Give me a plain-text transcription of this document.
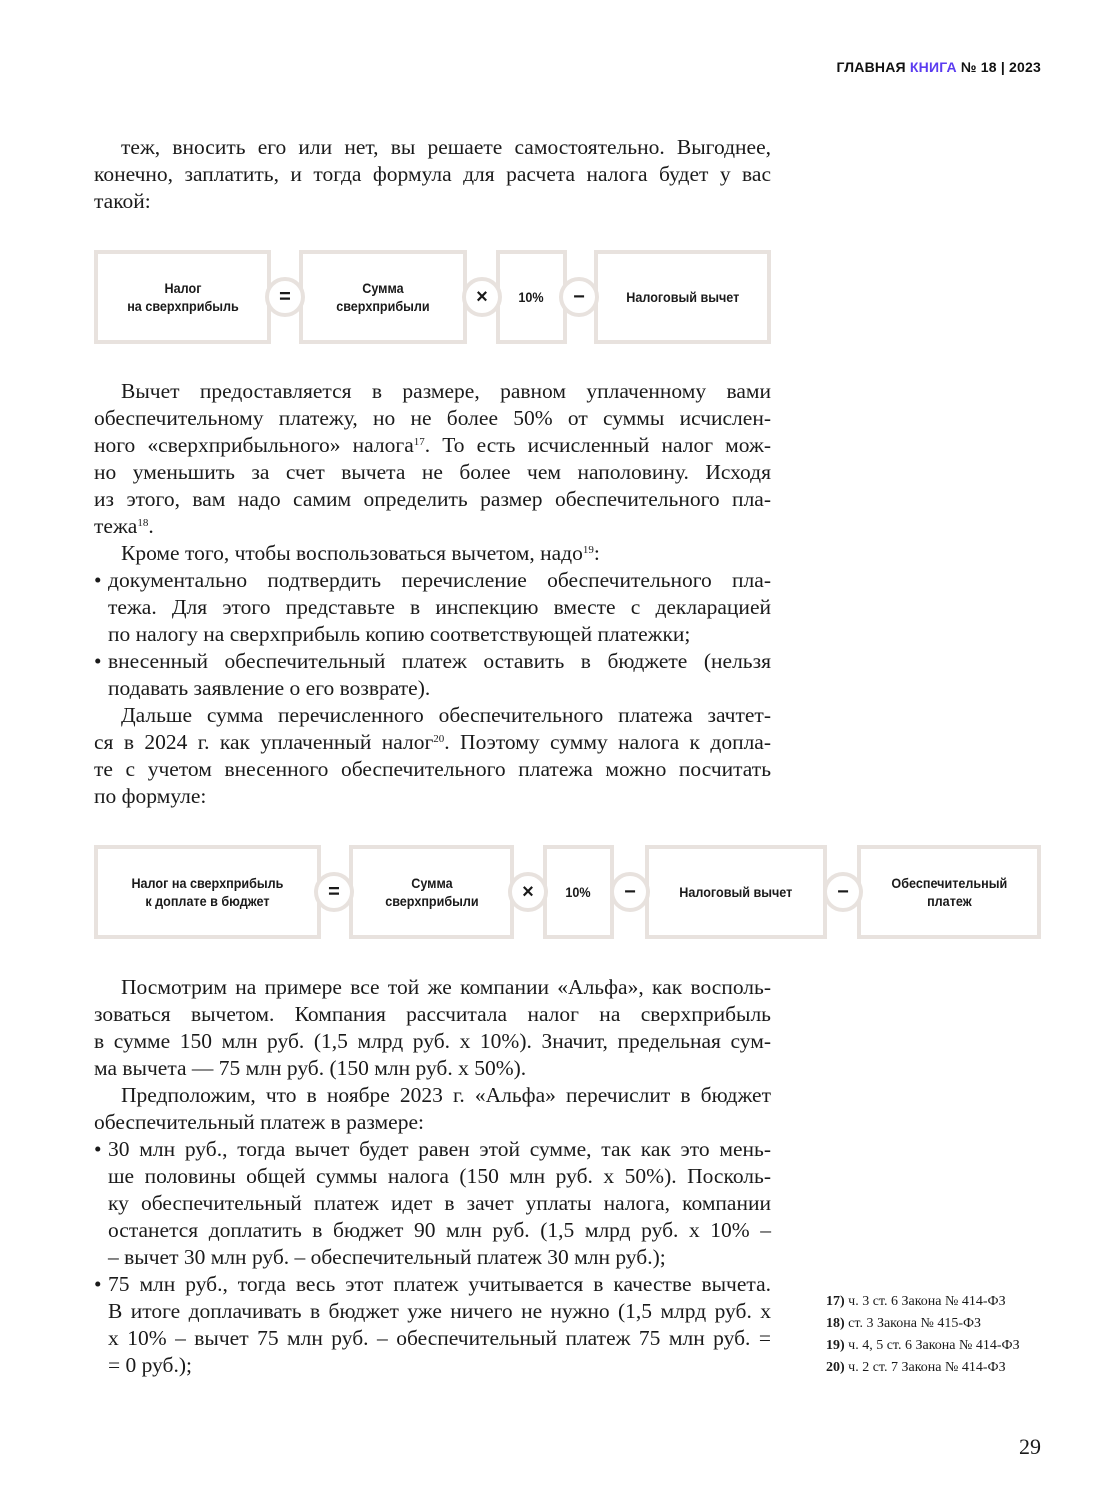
ГЛАВНАЯ КНИГА № 18 | 2023
теж, вносить его или нет, вы решаете самостоятельно. Выгоднее,
конечно, заплатить, и тогда формула для расчета налога будет у вас
такой:
Налог
на сверхприбыль
Сумма
сверхприбыли
10%	Налоговый вычет
=	×	−
Вычет предоставляется в размере, равном уплаченному вами
обеспечительному платежу, но не более 50% от суммы исчислен-
ного «сверхприбыльного» налога$^{17}$. То есть исчисленный налог мож-
но уменьшить за счет вычета не более чем наполовину. Исходя
из этого, вам надо самим определить размер обеспечительного пла-
тежа$^{18}$.
Кроме того, чтобы воспользоваться вычетом, надо$^{19}$:
• документально подтвердить перечисление обеспечительного пла-
тежа. Для этого представьте в инспекцию вместе с декларацией
по налогу на сверхприбыль копию соответствующей платежки;
• внесенный обеспечительный платеж оставить в бюджете (нельзя
подавать заявление о его возврате).
Дальше сумма перечисленного обеспечительного платежа зачтет-
ся в 2024 г. как уплаченный налог$^{20}$. Поэтому сумму налога к допла-
те с учетом внесенного обеспечительного платежа можно посчитать
по формуле:
Налог на сверхприбыль
к доплате в бюджет
Сумма
сверхприбыли
10%	Налоговый вычет
Обеспечительный
платеж
=	×	−	−
Посмотрим на примере все той же компании «Альфа», как восполь-
зоваться вычетом. Компания рассчитала налог на сверхприбыль
в сумме 150 млн руб. (1,5 млрд руб. х 10%). Значит, предельная сум-
ма вычета — 75 млн руб. (150 млн руб. х 50%).
Предположим, что в ноябре 2023 г. «Альфа» перечислит в бюджет
обеспечительный платеж в размере:
• 30 млн руб., тогда вычет будет равен этой сумме, так как это мень-
ше половины общей суммы налога (150 млн руб. х 50%). Посколь-
ку обеспечительный платеж идет в зачет уплаты налога, компании
останется доплатить в бюджет 90 млн руб. (1,5 млрд руб. х 10% –
– вычет 30 млн руб. – обеспечительный платеж 30 млн руб.);
• 75 млн руб., тогда весь этот платеж учитывается в качестве вычета.
В итоге доплачивать в бюджет уже ничего не нужно (1,5 млрд руб. х
х 10% – вычет 75 млн руб. – обеспечительный платеж 75 млн руб. =
= 0 руб.);
17) ч. 3 ст. 6 Закона № 414-ФЗ
18) ст. 3 Закона № 415-ФЗ
19) ч. 4, 5 ст. 6 Закона № 414-ФЗ
20) ч. 2 ст. 7 Закона № 414-ФЗ
29
